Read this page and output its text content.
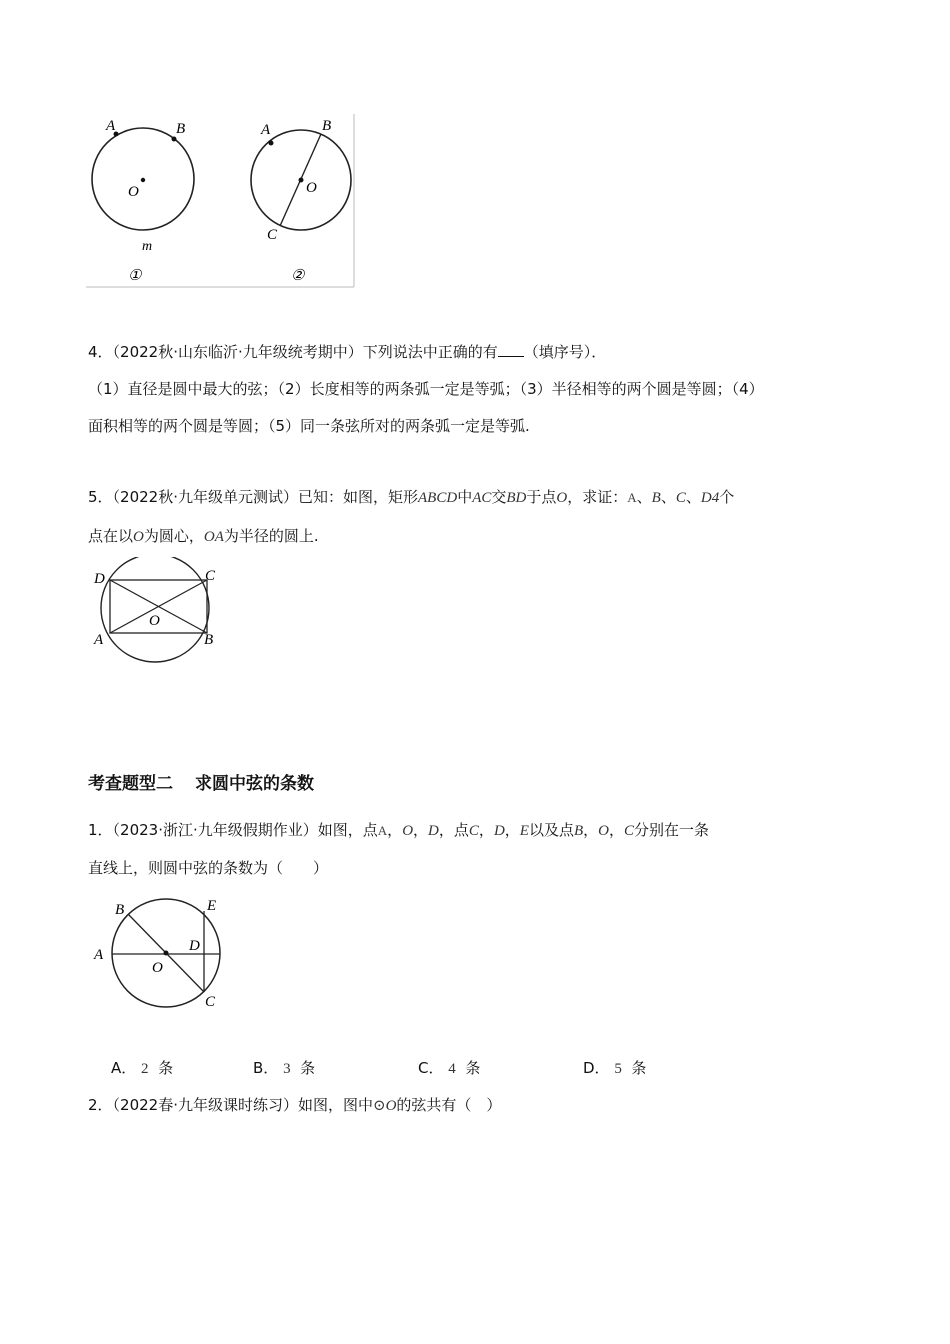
A	B
O
m
①
A	B
O
C
②
4．（2022秋·山东临沂·九年级统考期中）下列说法中正确的有 （填序号）．
（1）直径是圆中最大的弦；（2）长度相等的两条弧一定是等弧；（3）半径相等的两个圆是等圆；（4）
面积相等的两个圆是等圆；（5）同一条弦所对的两条弧一定是等弧.
5．（2022秋·九年级单元测试）已知：如图，矩形ABCD中AC交BD于点O，求证：A、B、C、D4个
点在以O为圆心，OA为半径的圆上.
D	C
O
A	B
考查题型二 求圆中弦的条数
1．（2023·浙江·九年级假期作业）如图，点A，O，D，点C，D，E以及点B，O，C分别在一条
直线上，则圆中弦的条数为（　　）
B	E
A
D
O
C
A． 2 条	B． 3 条	C． 4 条	D． 5 条
2．（2022春·九年级课时练习）如图，图中⊙O的弦共有（　）
